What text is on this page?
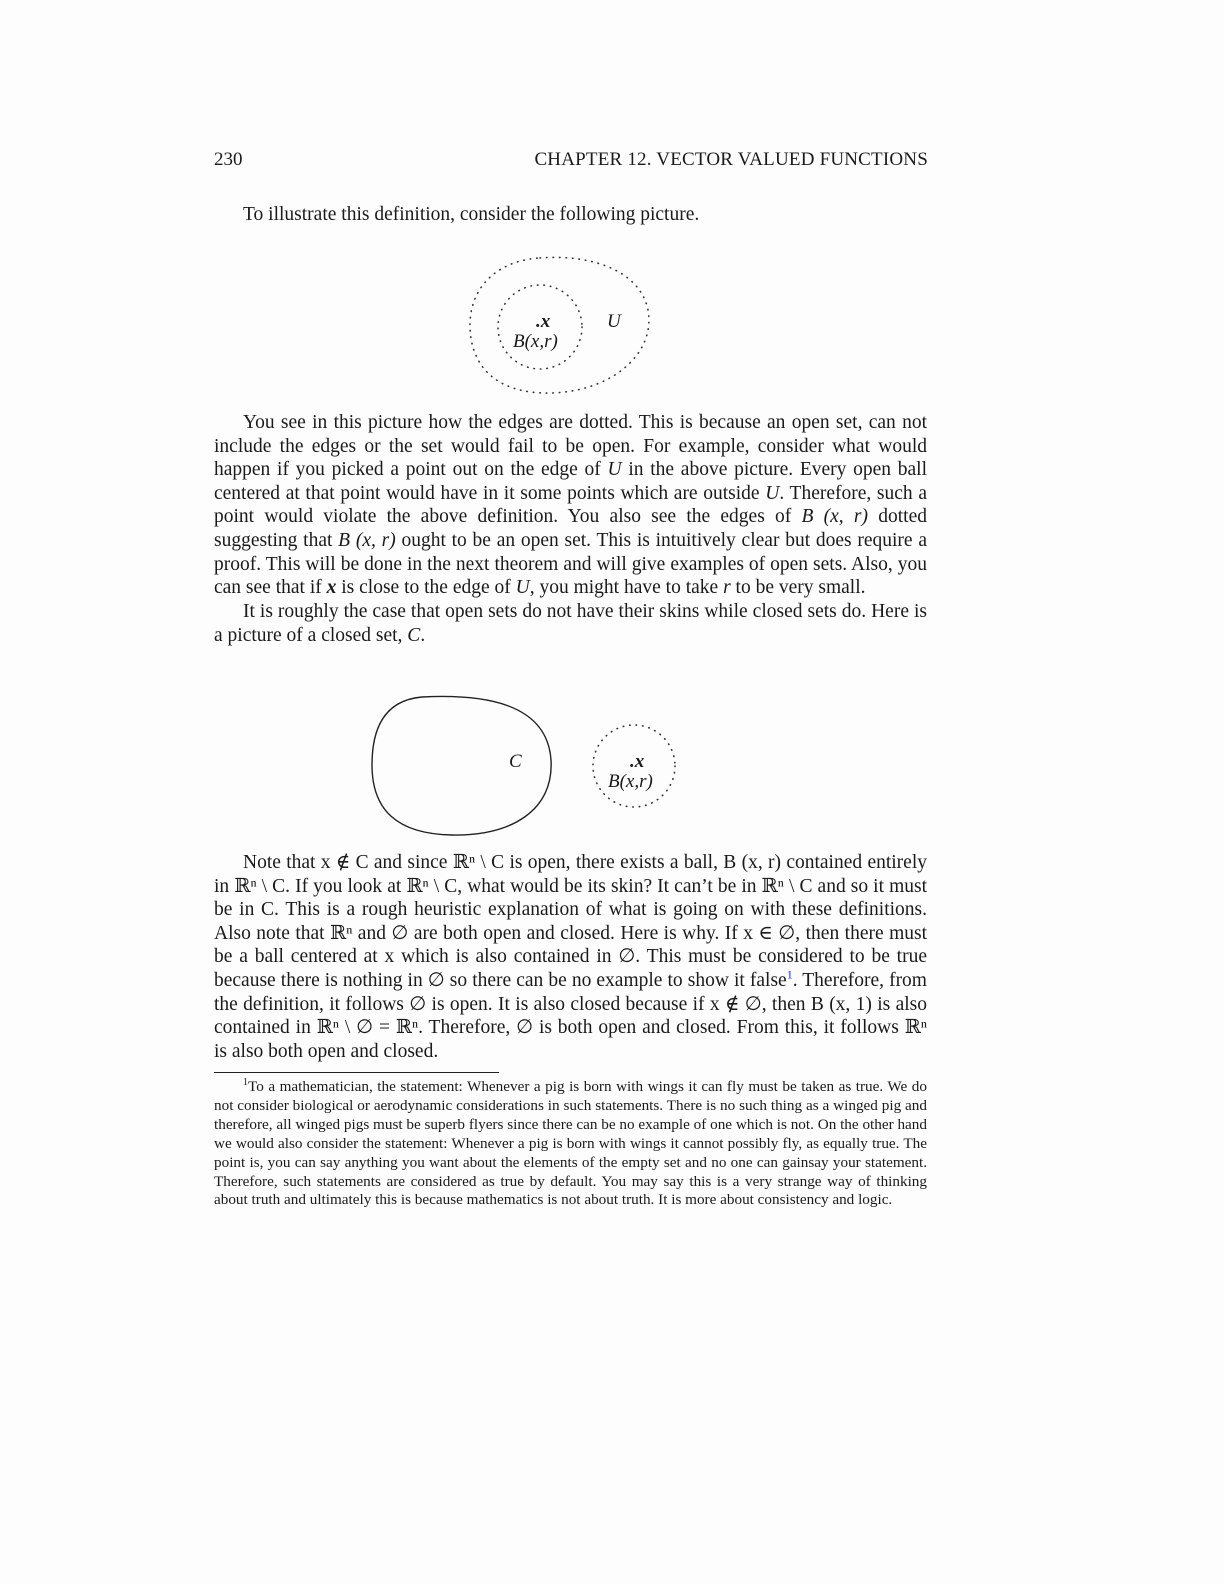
230	CHAPTER 12. VECTOR VALUED FUNCTIONS

To illustrate this definition, consider the following picture.

.x
B(x,r)
U

You see in this picture how the edges are dotted. This is because an open set, can not include the edges or the set would fail to be open. For example, consider what would happen if you picked a point out on the edge of U in the above picture. Every open ball centered at that point would have in it some points which are outside U. Therefore, such a point would violate the above definition. You also see the edges of B (x, r) dotted suggesting that B (x, r) ought to be an open set. This is intuitively clear but does require a proof. This will be done in the next theorem and will give examples of open sets. Also, you can see that if x is close to the edge of U, you might have to take r to be very small.

It is roughly the case that open sets do not have their skins while closed sets do. Here is a picture of a closed set, C.

C	.x
B(x,r)

Note that x ∉ C and since ℝⁿ \ C is open, there exists a ball, B (x, r) contained entirely in ℝⁿ \ C. If you look at ℝⁿ \ C, what would be its skin? It can’t be in ℝⁿ \ C and so it must be in C. This is a rough heuristic explanation of what is going on with these definitions. Also note that ℝⁿ and ∅ are both open and closed. Here is why. If x ∈ ∅, then there must be a ball centered at x which is also contained in ∅. This must be considered to be true because there is nothing in ∅ so there can be no example to show it false$^1$. Therefore, from the definition, it follows ∅ is open. It is also closed because if x ∉ ∅, then B (x, 1) is also contained in ℝⁿ \ ∅ = ℝⁿ. Therefore, ∅ is both open and closed. From this, it follows ℝⁿ is also both open and closed.

$^1$To a mathematician, the statement: Whenever a pig is born with wings it can fly must be taken as true. We do not consider biological or aerodynamic considerations in such statements. There is no such thing as a winged pig and therefore, all winged pigs must be superb flyers since there can be no example of one which is not. On the other hand we would also consider the statement: Whenever a pig is born with wings it cannot possibly fly, as equally true. The point is, you can say anything you want about the elements of the empty set and no one can gainsay your statement. Therefore, such statements are considered as true by default. You may say this is a very strange way of thinking about truth and ultimately this is because mathematics is not about truth. It is more about consistency and logic.
